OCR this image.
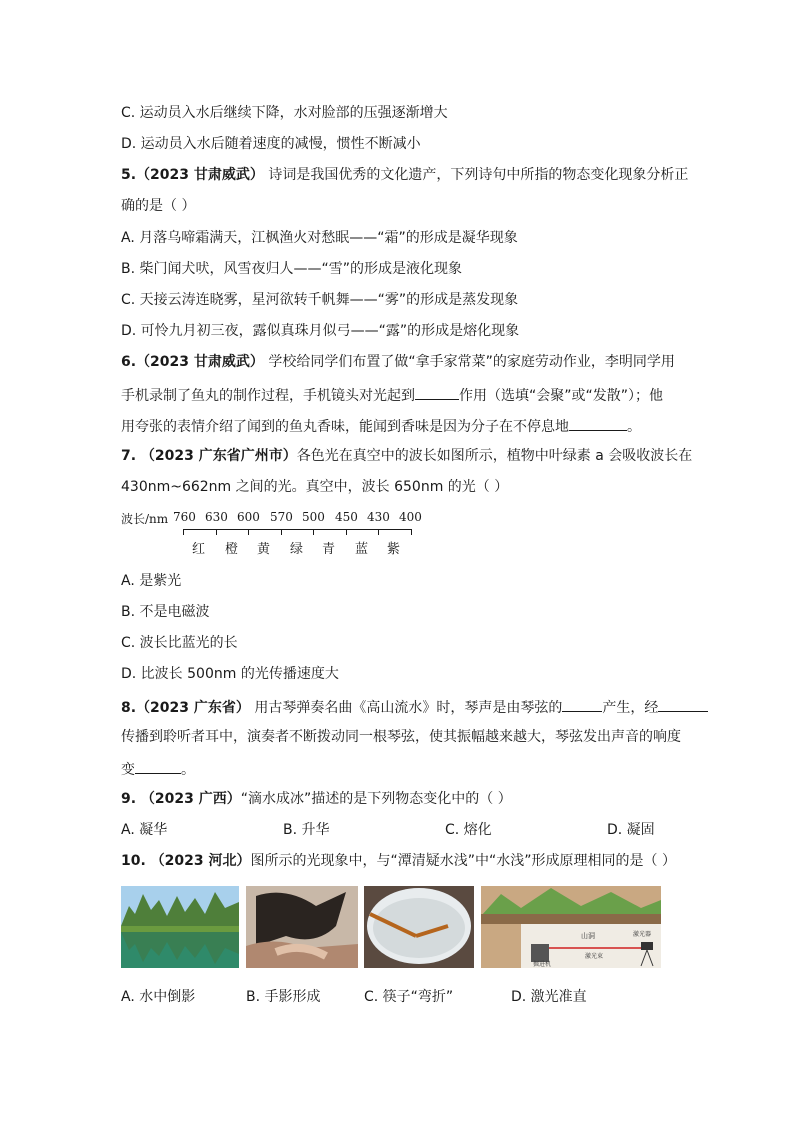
C. 运动员入水后继续下降，水对脸部的压强逐渐增大
D. 运动员入水后随着速度的减慢，惯性不断减小
5.（2023 甘肃威武） 诗词是我国优秀的文化遗产，下列诗句中所指的物态变化现象分析正
确的是（ ）
A. 月落乌啼霜满天，江枫渔火对愁眠——“霜”的形成是凝华现象
B. 柴门闻犬吠，风雪夜归人——“雪”的形成是液化现象
C. 天接云涛连晓雾，星河欲转千帆舞——“雾”的形成是蒸发现象
D. 可怜九月初三夜，露似真珠月似弓——“露”的形成是熔化现象
6.（2023 甘肃威武） 学校给同学们布置了做“拿手家常菜”的家庭劳动作业，李明同学用
手机录制了鱼丸的制作过程，手机镜头对光起到	作用（选填“会聚”或“发散”）；他
用夸张的表情介绍了闻到的鱼丸香味，能闻到香味是因为分子在不停息地	。
7. （2023 广东省广州市）各色光在真空中的波长如图所示，植物中叶绿素 a 会吸收波长在
430nm~662nm 之间的光。真空中，波长 650nm 的光（ ）
波长/nm 760 630 600 570 500 450 430 400
红 橙 黄 绿 青 蓝 紫
A. 是紫光
B. 不是电磁波
C. 波长比蓝光的长
D. 比波长 500nm 的光传播速度大
8.（2023 广东省） 用古琴弹奏名曲《高山流水》时，琴声是由琴弦的	产生，经
传播到聆听者耳中，演奏者不断拨动同一根琴弦，使其振幅越来越大，琴弦发出声音的响度
变	。
9. （2023 广西）“滴水成冰”描述的是下列物态变化中的（ ）
A. 凝华	B. 升华	C. 熔化	D. 凝固
10. （2023 河北）图所示的光现象中，与“潭清疑水浅”中“水浅”形成原理相同的是（ ）
山洞	激光器
激光束
掘进机
A. 水中倒影	B. 手影形成	C. 筷子“弯折”	D. 激光准直
